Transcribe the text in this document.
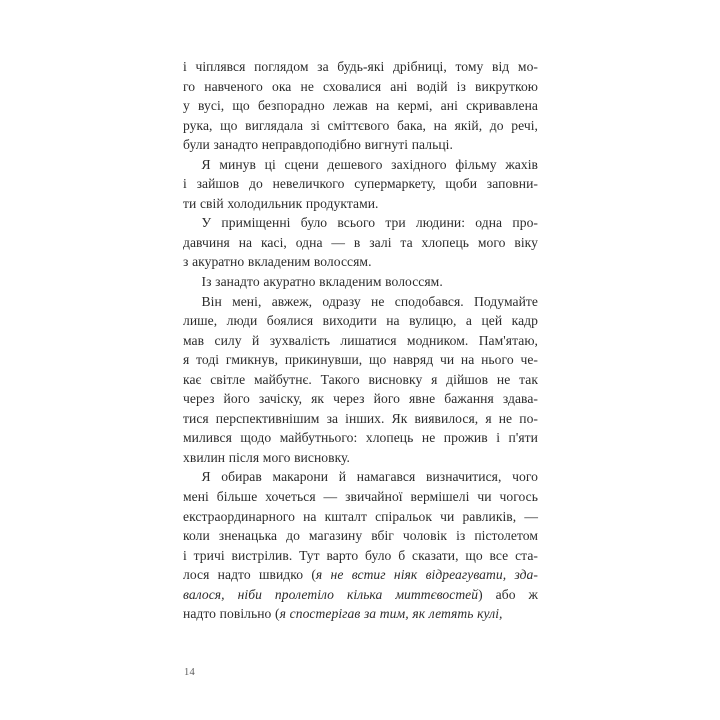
і чіплявся поглядом за будь-які дрібниці, тому від мо-
го навченого ока не сховалися ані водій із викруткою
у вусі, що безпорадно лежав на кермі, ані скривавлена
рука, що виглядала зі сміттєвого бака, на якій, до речі,
були занадто неправдоподібно вигнуті пальці.

Я минув ці сцени дешевого західного фільму жахів
і зайшов до невеличкого супермаркету, щоби заповни-
ти свій холодильник продуктами.

У приміщенні було всього три людини: одна про-
давчиня на касі, одна — в залі та хлопець мого віку
з акуратно вкладеним волоссям.

Із занадто акуратно вкладеним волоссям.

Він мені, авжеж, одразу не сподобався. Подумайте
лише, люди боялися виходити на вулицю, а цей кадр
мав силу й зухвалість лишатися модником. Пам'ятаю,
я тоді гмикнув, прикинувши, що навряд чи на нього че-
кає світле майбутнє. Такого висновку я дійшов не так
через його зачіску, як через його явне бажання здава-
тися перспективнішим за інших. Як виявилося, я не по-
милився щодо майбутнього: хлопець не прожив і п'яти
хвилин після мого висновку.

Я обирав макарони й намагався визначитися, чого
мені більше хочеться — звичайної вермішелі чи чогось
екстраординарного на кшталт спіральок чи равликів, —
коли зненацька до магазину вбіг чоловік із пістолетом
і тричі вистрілив. Тут варто було б сказати, що все ста-
лося надто швидко (я не встиг ніяк відреагувати, зда-
валося, ніби пролетіло кілька миттєвостей) або ж
надто повільно (я спостерігав за тим, як летять кулі,

14
